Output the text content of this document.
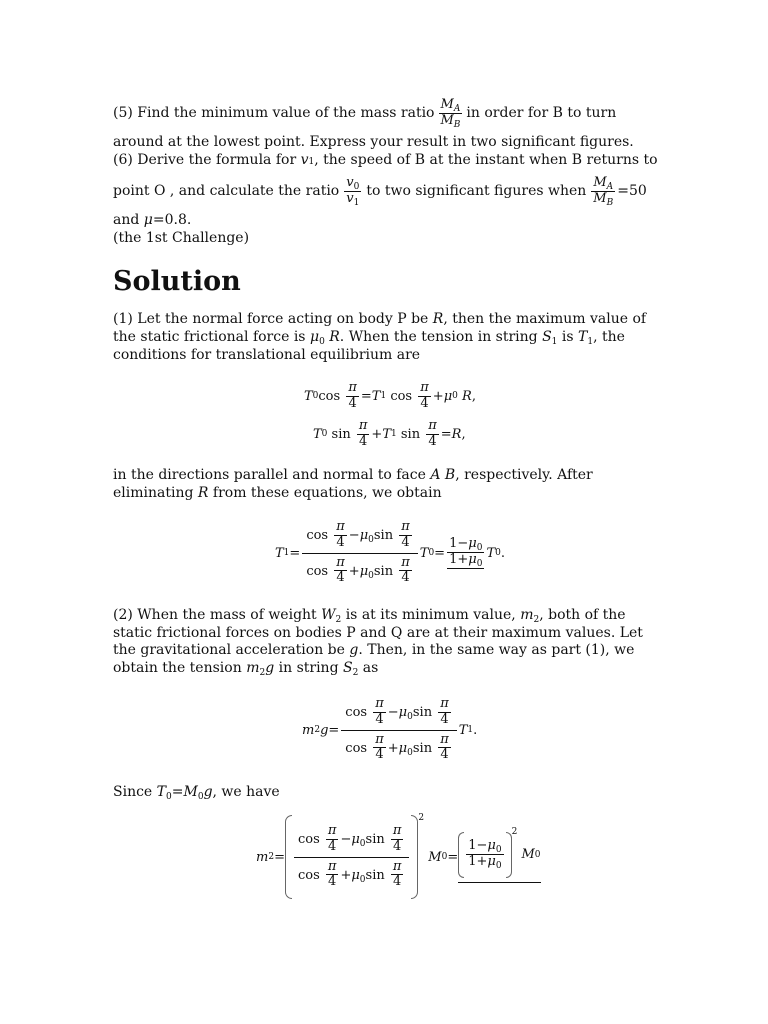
(5) Find the minimum value of the mass ratio $\frac{M_A}{M_B}$ in order for B to turn
around at the lowest point. Express your result in two significant figures.
(6) Derive the formula for
v 1 , the speed of B at the instant when B returns to
point O , and calculate the ratio $\frac{v_0}{v_1}$ to two significant figures when $\frac{M_A}{M_B} =50$
and μ=0.8.
(the 1st Challenge)
Solution
(1) Let the normal force acting on body P be R, then the maximum value of
the static frictional force is $\mu_0$ R. When the tension in string $S_1$ is $T_1$, the
conditions for translational equilibrium are
T 0 $\cos \frac{\pi}{4} = T$ 1 $\cos \frac{\pi}{4} + \mu$ 0
R ,
T 0 $\sin \frac{\pi}{4} + T$ 1 $\sin \frac{\pi}{4} = R$ ,
in the directions parallel and normal to face A B, respectively. After
eliminating R from these equations, we obtain
T $1 = \frac{\cos \frac{\pi}{4} -\mu_0\sin \frac{\pi}{4}}{\cos \frac{\pi}{4} +\mu_0\sin \frac{\pi}{4}}$ T $0 = \frac{1-\mu_0}{1+\mu_0}$ T 0 .
(2) When the mass of weight $W_2$ is at its minimum value, $m_2$, both of the
static frictional forces on bodies P and Q are at their maximum values. Let
the gravitational acceleration be g. Then, in the same way as part (1), we
obtain the tension $m_2g$ in string $S_2$ as
m 2 $g = \frac{\cos \frac{\pi}{4} -\mu_0\sin \frac{\pi}{4}}{\cos \frac{\pi}{4} +\mu_0\sin \frac{\pi}{4}}$ T 1 .
Since $T_0=M_0g$, we have
m $2 = \frac{\cos \frac{\pi}{4} -\mu_0\sin \frac{\pi}{4}}{\cos \frac{\pi}{4} +\mu_0\sin \frac{\pi}{4}}$
2

M $0 = \frac{1-\mu_0}{1+\mu_0}$
2

M 0
